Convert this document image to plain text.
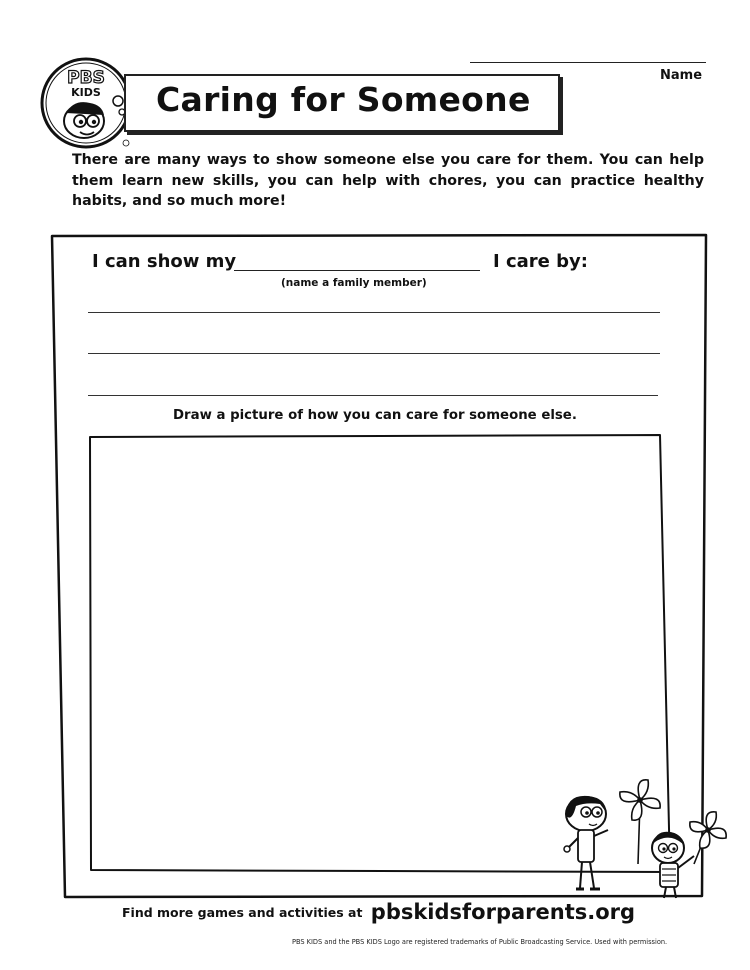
PBS
KIDS Caring for Someone
Name
There are many ways to show someone else you care for them. You can help them learn new skills, you can help with chores, you can practice healthy habits, and so much more!
I can show my	I care by:
(name a family member)
Draw a picture of how you can care for someone else.
Find more games and activities at pbskidsforparents.org
PBS KIDS and the PBS KIDS Logo are registered trademarks of Public Broadcasting Service. Used with permission.
